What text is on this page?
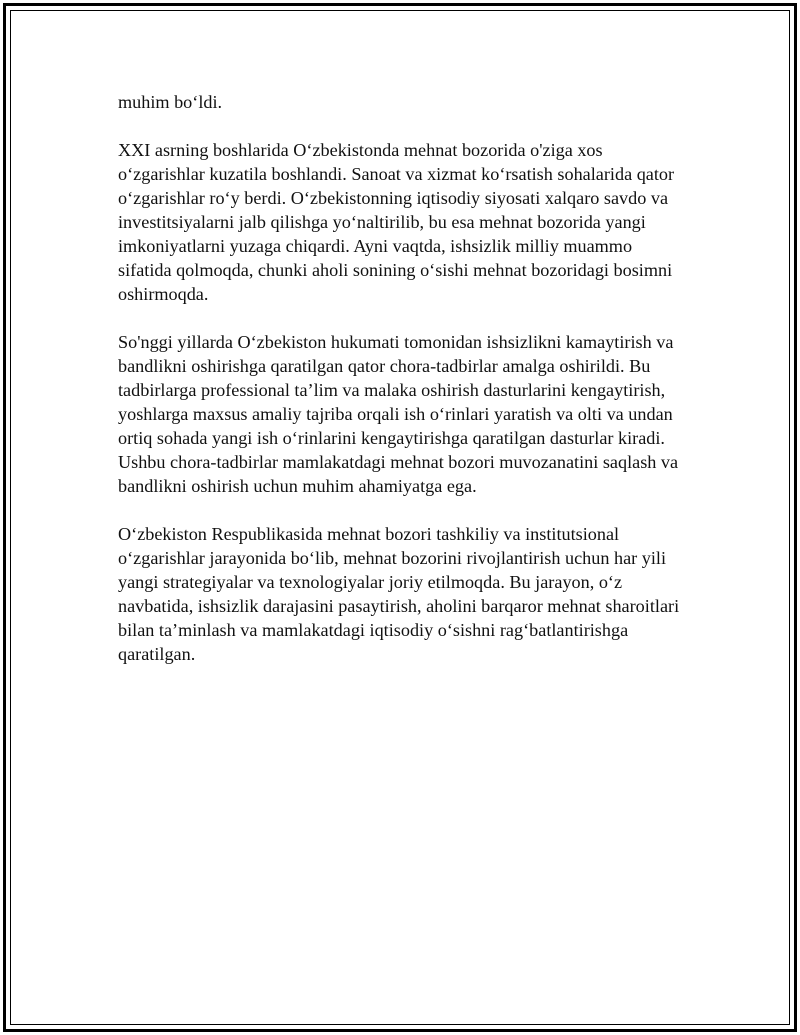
muhim boʻldi.

XXI asrning boshlarida Oʻzbekistonda mehnat bozorida o'ziga xos
oʻzgarishlar kuzatila boshlandi. Sanoat va xizmat koʻrsatish sohalarida qator
oʻzgarishlar roʻy berdi. Oʻzbekistonning iqtisodiy siyosati xalqaro savdo va
investitsiyalarni jalb qilishga yoʻnaltirilib, bu esa mehnat bozorida yangi
imkoniyatlarni yuzaga chiqardi. Ayni vaqtda, ishsizlik milliy muammo
sifatida qolmoqda, chunki aholi sonining oʻsishi mehnat bozoridagi bosimni
oshirmoqda.

So'nggi yillarda Oʻzbekiston hukumati tomonidan ishsizlikni kamaytirish va
bandlikni oshirishga qaratilgan qator chora-tadbirlar amalga oshirildi. Bu
tadbirlarga professional taʼlim va malaka oshirish dasturlarini kengaytirish,
yoshlarga maxsus amaliy tajriba orqali ish oʻrinlari yaratish va olti va undan
ortiq sohada yangi ish oʻrinlarini kengaytirishga qaratilgan dasturlar kiradi.
Ushbu chora-tadbirlar mamlakatdagi mehnat bozori muvozanatini saqlash va
bandlikni oshirish uchun muhim ahamiyatga ega.

Oʻzbekiston Respublikasida mehnat bozori tashkiliy va institutsional
oʻzgarishlar jarayonida boʻlib, mehnat bozorini rivojlantirish uchun har yili
yangi strategiyalar va texnologiyalar joriy etilmoqda. Bu jarayon, oʻz
navbatida, ishsizlik darajasini pasaytirish, aholini barqaror mehnat sharoitlari
bilan taʼminlash va mamlakatdagi iqtisodiy oʻsishni ragʻbatlantirishga
qaratilgan.
